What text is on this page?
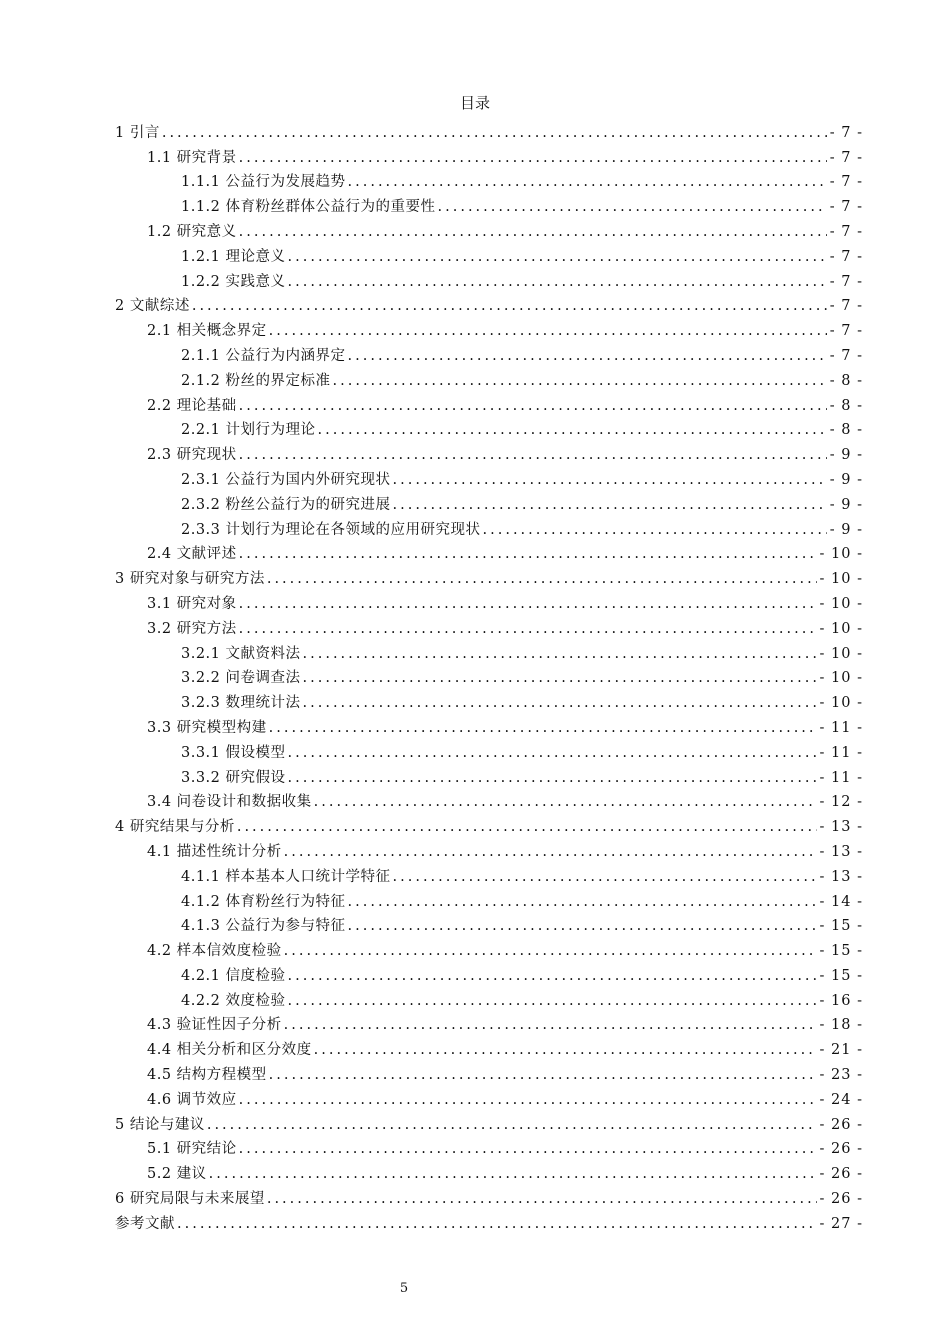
目录
1 引言 .....	- 7 -
1.1 研究背景 .....	- 7 -
1.1.1 公益行为发展趋势 .....	- 7 -
1.1.2 体育粉丝群体公益行为的重要性 .....	- 7 -
1.2 研究意义 .....	- 7 -
1.2.1 理论意义 .....	- 7 -
1.2.2 实践意义 .....	- 7 -
2 文献综述 .....	- 7 -
2.1 相关概念界定 .....	- 7 -
2.1.1 公益行为内涵界定 .....	- 7 -
2.1.2 粉丝的界定标准 .....	- 8 -
2.2 理论基础 .....	- 8 -
2.2.1 计划行为理论 .....	- 8 -
2.3 研究现状 .....	- 9 -
2.3.1 公益行为国内外研究现状 .....	- 9 -
2.3.2 粉丝公益行为的研究进展 .....	- 9 -
2.3.3 计划行为理论在各领域的应用研究现状 .....	- 9 -
2.4 文献评述 .....	- 10 -
3 研究对象与研究方法 .....	- 10 -
3.1 研究对象 .....	- 10 -
3.2 研究方法 .....	- 10 -
3.2.1 文献资料法 .....	- 10 -
3.2.2 问卷调查法 .....	- 10 -
3.2.3 数理统计法 .....	- 10 -
3.3 研究模型构建 .....	- 11 -
3.3.1 假设模型 .....	- 11 -
3.3.2 研究假设 .....	- 11 -
3.4 问卷设计和数据收集 .....	- 12 -
4 研究结果与分析 .....	- 13 -
4.1 描述性统计分析 .....	- 13 -
4.1.1 样本基本人口统计学特征 .....	- 13 -
4.1.2 体育粉丝行为特征 .....	- 14 -
4.1.3 公益行为参与特征 .....	- 15 -
4.2 样本信效度检验 .....	- 15 -
4.2.1 信度检验 .....	- 15 -
4.2.2 效度检验 .....	- 16 -
4.3 验证性因子分析 .....	- 18 -
4.4 相关分析和区分效度 .....	- 21 -
4.5 结构方程模型 .....	- 23 -
4.6 调节效应 .....	- 24 -
5 结论与建议 .....	- 26 -
5.1 研究结论 .....	- 26 -
5.2 建议 .....	- 26 -
6 研究局限与未来展望 .....	- 26 -
参考文献 .....	- 27 -
5
